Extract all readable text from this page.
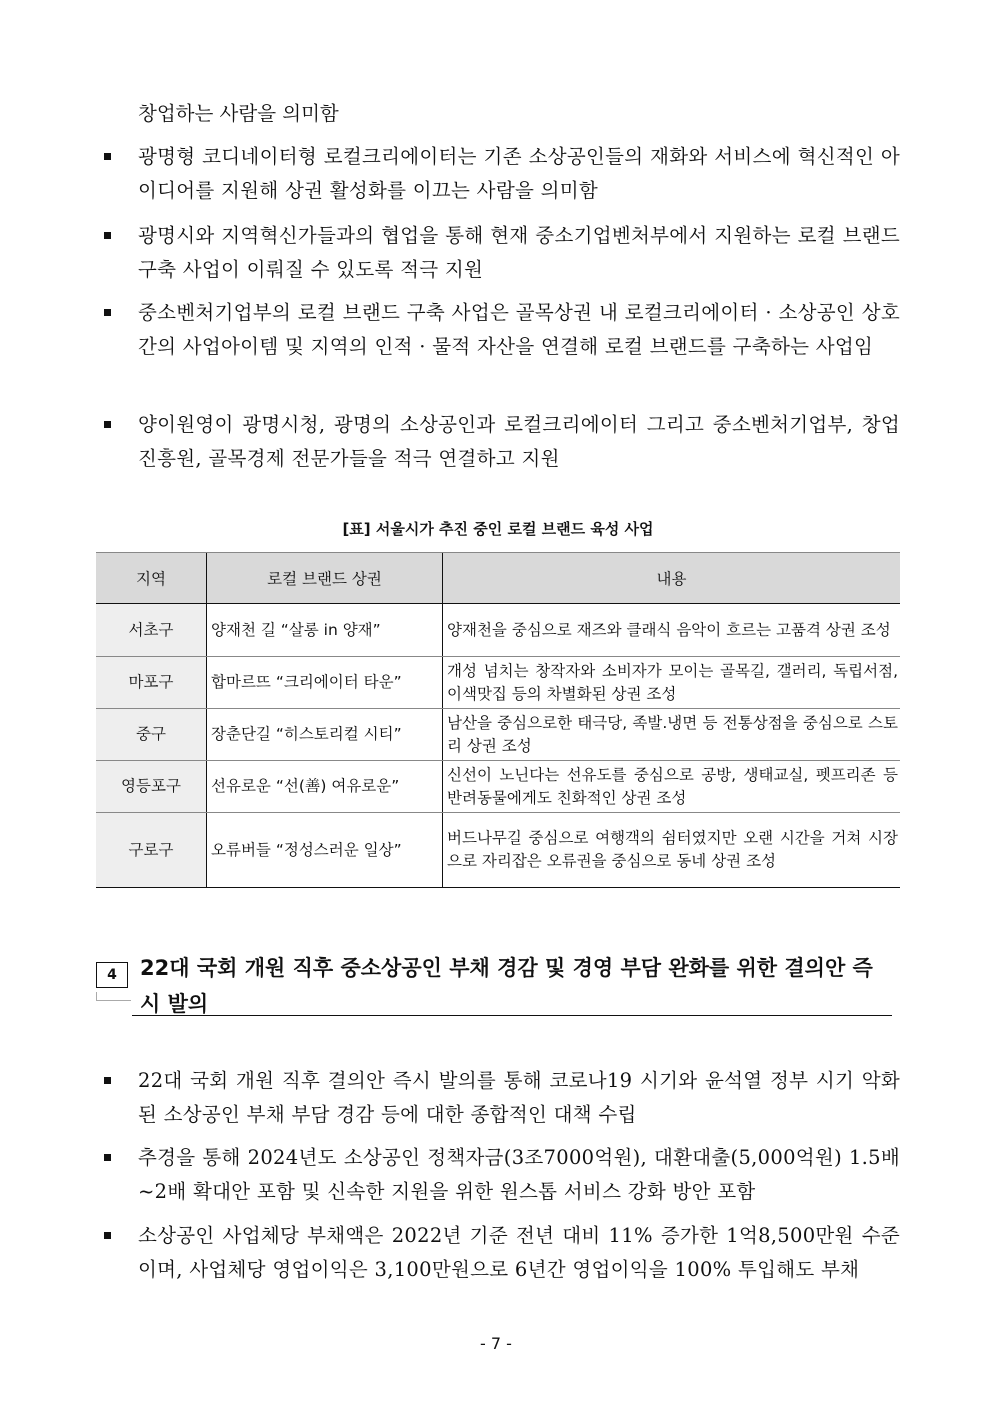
창업하는 사람을 의미함
광명형 코디네이터형 로컬크리에이터는 기존 소상공인들의 재화와 서비스에 혁신적인 아이디어를 지원해 상권 활성화를 이끄는 사람을 의미함
광명시와 지역혁신가들과의 협업을 통해 현재 중소기업벤처부에서 지원하는 로컬 브랜드 구축 사업이 이뤄질 수 있도록 적극 지원
중소벤처기업부의 로컬 브랜드 구축 사업은 골목상권 내 로컬크리에이터 · 소상공인 상호간의 사업아이템 및 지역의 인적 · 물적 자산을 연결해 로컬 브랜드를 구축하는 사업임
양이원영이 광명시청, 광명의 소상공인과 로컬크리에이터 그리고 중소벤처기업부, 창업진흥원, 골목경제 전문가들을 적극 연결하고 지원
[표] 서울시가 추진 중인 로컬 브랜드 육성 사업
지역	로컬 브랜드 상권	내용
서초구	양재천 길 “살롱 in 양재”	양재천을 중심으로 재즈와 클래식 음악이 흐르는 고품격 상권 조성
마포구	합마르뜨 “크리에이터 타운”	개성 넘치는 창작자와 소비자가 모이는 골목길, 갤러리, 독립서점, 이색맛집 등의 차별화된 상권 조성
중구	장춘단길 “히스토리컬 시티”	남산을 중심으로한 태극당, 족발.냉면 등 전통상점을 중심으로 스토리 상권 조성
영등포구	선유로운 “선(善) 여유로운”	신선이 노닌다는 선유도를 중심으로 공방, 생태교실, 펫프리존 등 반려동물에게도 친화적인 상권 조성
구로구	오류버들 “정성스러운 일상”	버드나무길 중심으로 여행객의 쉼터였지만 오랜 시간을 거쳐 시장으로 자리잡은 오류권을 중심으로 동네 상권 조성
4	22대 국회 개원 직후 중소상공인 부채 경감 및 경영 부담 완화를 위한 결의안 즉시 발의
22대 국회 개원 직후 결의안 즉시 발의를 통해 코로나19 시기와 윤석열 정부 시기 악화된 소상공인 부채 부담 경감 등에 대한 종합적인 대책 수립
추경을 통해 2024년도 소상공인 정책자금(3조7000억원), 대환대출(5,000억원) 1.5배~2배 확대안 포함 및 신속한 지원을 위한 원스톱 서비스 강화 방안 포함
소상공인 사업체당 부채액은 2022년 기준 전년 대비 11% 증가한 1억8,500만원 수준이며, 사업체당 영업이익은 3,100만원으로 6년간 영업이익을 100% 투입해도 부채
- 7 -
